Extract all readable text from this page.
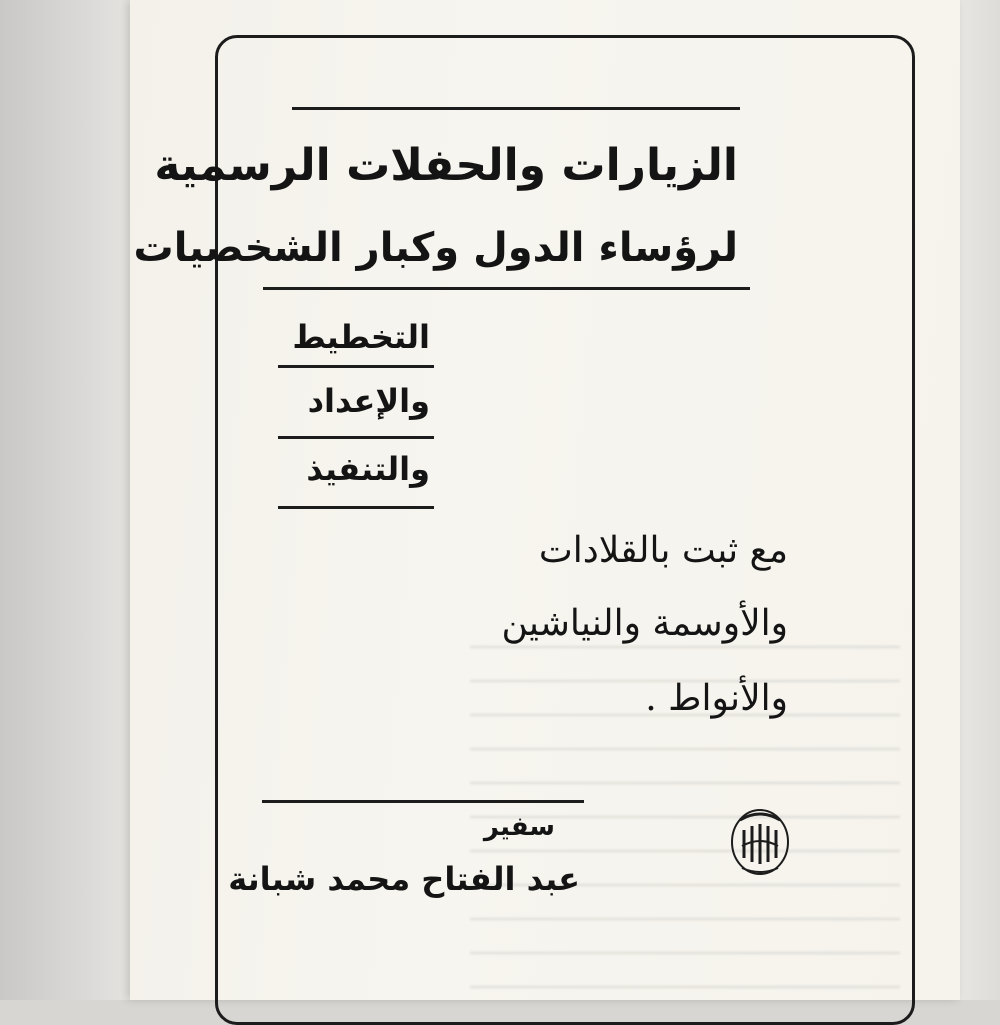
الزيارات والحفلات الرسمية
لرؤساء الدول وكبار الشخصيات
التخطيط
والإعداد
والتنفيذ
مع ثبت بالقلادات
والأوسمة والنياشين
والأنواط .
سفير
عبد الفتاح محمد شبانة
